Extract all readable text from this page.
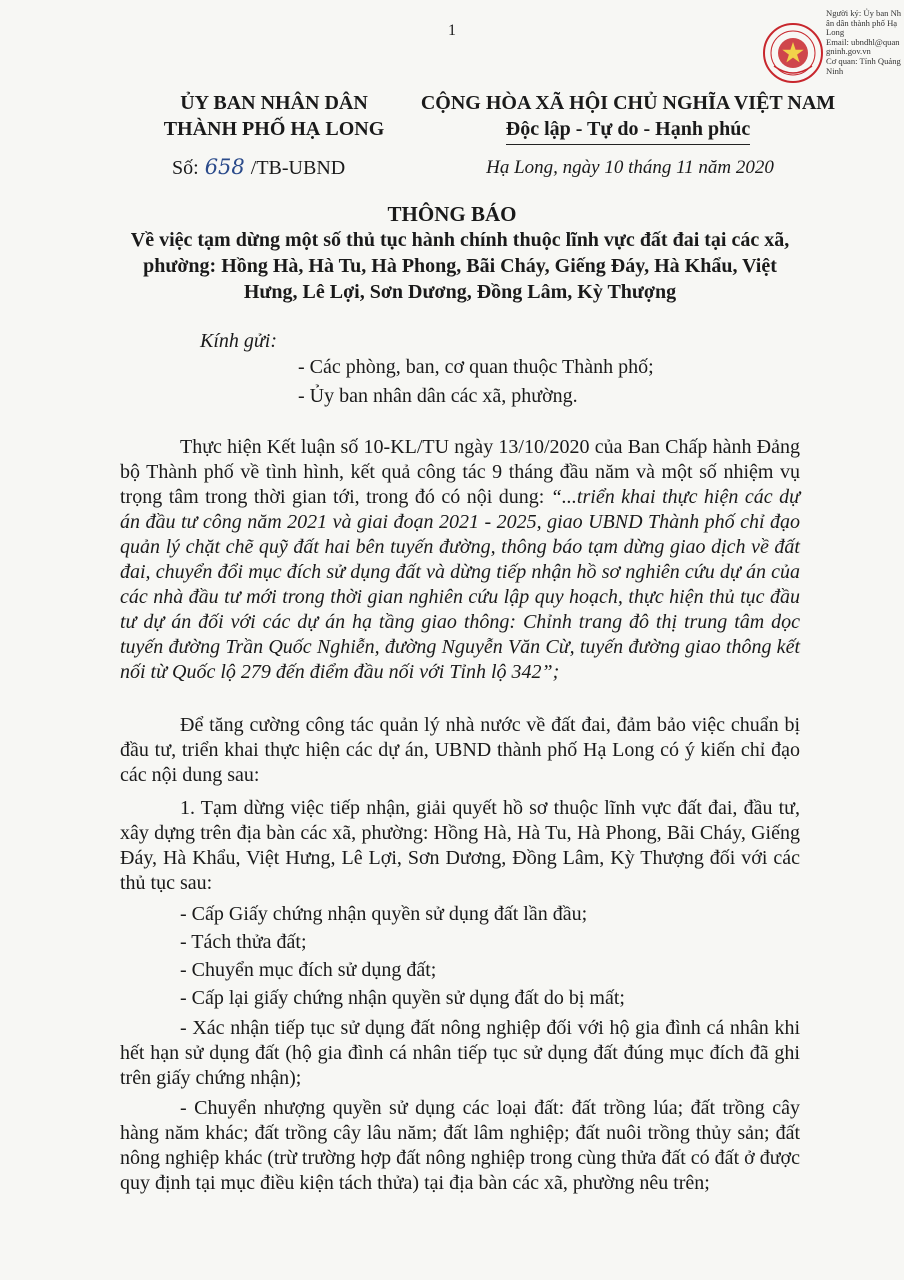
1
Người ký: Ủy ban Nhân dân thành phố Hạ Long
Email: ubndhl@quangninh.gov.vn
Cơ quan: Tỉnh Quảng Ninh
ỦY BAN NHÂN DÂN
THÀNH PHỐ HẠ LONG
CỘNG HÒA XÃ HỘI CHỦ NGHĨA VIỆT NAM
Độc lập - Tự do - Hạnh phúc
Số: 658 /TB-UBND	Hạ Long, ngày 10 tháng 11 năm 2020
THÔNG BÁO
Về việc tạm dừng một số thủ tục hành chính thuộc lĩnh vực đất đai tại các xã, phường: Hồng Hà, Hà Tu, Hà Phong, Bãi Cháy, Giếng Đáy, Hà Khẩu, Việt Hưng, Lê Lợi, Sơn Dương, Đồng Lâm, Kỳ Thượng
Kính gửi:
- Các phòng, ban, cơ quan thuộc Thành phố;
- Ủy ban nhân dân các xã, phường.

Thực hiện Kết luận số 10-KL/TU ngày 13/10/2020 của Ban Chấp hành Đảng bộ Thành phố về tình hình, kết quả công tác 9 tháng đầu năm và một số nhiệm vụ trọng tâm trong thời gian tới, trong đó có nội dung: “...triển khai thực hiện các dự án đầu tư công năm 2021 và giai đoạn 2021 - 2025, giao UBND Thành phố chỉ đạo quản lý chặt chẽ quỹ đất hai bên tuyến đường, thông báo tạm dừng giao dịch về đất đai, chuyển đổi mục đích sử dụng đất và dừng tiếp nhận hồ sơ nghiên cứu dự án của các nhà đầu tư mới trong thời gian nghiên cứu lập quy hoạch, thực hiện thủ tục đầu tư dự án đối với các dự án hạ tầng giao thông: Chỉnh trang đô thị trung tâm dọc tuyến đường Trần Quốc Nghiễn, đường Nguyễn Văn Cừ, tuyến đường giao thông kết nối từ Quốc lộ 279 đến điểm đầu nối với Tỉnh lộ 342”;

Để tăng cường công tác quản lý nhà nước về đất đai, đảm bảo việc chuẩn bị đầu tư, triển khai thực hiện các dự án, UBND thành phố Hạ Long có ý kiến chỉ đạo các nội dung sau:

1. Tạm dừng việc tiếp nhận, giải quyết hồ sơ thuộc lĩnh vực đất đai, đầu tư, xây dựng trên địa bàn các xã, phường: Hồng Hà, Hà Tu, Hà Phong, Bãi Cháy, Giếng Đáy, Hà Khẩu, Việt Hưng, Lê Lợi, Sơn Dương, Đồng Lâm, Kỳ Thượng đối với các thủ tục sau:

- Cấp Giấy chứng nhận quyền sử dụng đất lần đầu;
- Tách thửa đất;
- Chuyển mục đích sử dụng đất;
- Cấp lại giấy chứng nhận quyền sử dụng đất do bị mất;

- Xác nhận tiếp tục sử dụng đất nông nghiệp đối với hộ gia đình cá nhân khi hết hạn sử dụng đất (hộ gia đình cá nhân tiếp tục sử dụng đất đúng mục đích đã ghi trên giấy chứng nhận);

- Chuyển nhượng quyền sử dụng các loại đất: đất trồng lúa; đất trồng cây hàng năm khác; đất trồng cây lâu năm; đất lâm nghiệp; đất nuôi trồng thủy sản; đất nông nghiệp khác (trừ trường hợp đất nông nghiệp trong cùng thửa đất có đất ở được quy định tại mục điều kiện tách thửa) tại địa bàn các xã, phường nêu trên;
